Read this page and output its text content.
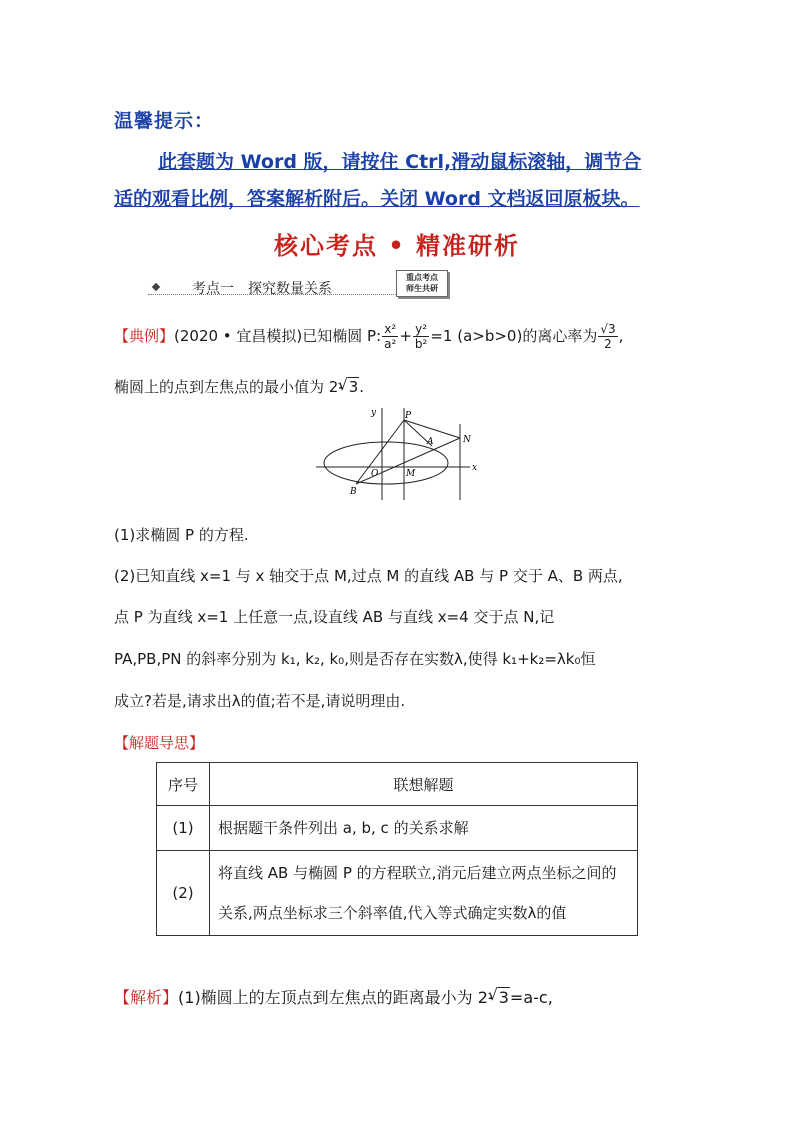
温馨提示：
此套题为 Word 版，请按住 Ctrl,滑动鼠标滚轴，调节合
适的观看比例，答案解析附后。关闭 Word 文档返回原板块。
核心考点 • 精准研析
考点一　探究数量关系
重点考点
师生共研
【典例】(2020 • 宜昌模拟)已知椭圆 P: $\frac{\text{x²}}{\text{a²}} + \frac{\text{y²}}{\text{b²}} =1$ (a>b>0)的离心率为 $\frac{√3}{2}$ ,
椭圆上的点到左焦点的最小值为 2- √ 3.
y	P
A	N
O	M
x
B
(1)求椭圆 P 的方程.
(2)已知直线 x=1 与 x 轴交于点 M,过点 M 的直线 AB 与 P 交于 A、B 两点,
点 P 为直线 x=1 上任意一点,设直线 AB 与直线 x=4 交于点 N,记
PA,PB,PN 的斜率分别为 k₁, k₂, k₀,则是否存在实数λ,使得 k₁+k₂=λk₀恒
成立?若是,请求出λ的值;若不是,请说明理由.
【解题导思】
序号	联想解题
(1)	根据题干条件列出 a, b, c 的关系求解
(2)	将直线 AB 与椭圆 P 的方程联立,消元后建立两点坐标之间的关系,两点坐标求三个斜率值,代入等式确定实数λ的值
【解析】(1)椭圆上的左顶点到左焦点的距离最小为 2- √ 3=a-c,
